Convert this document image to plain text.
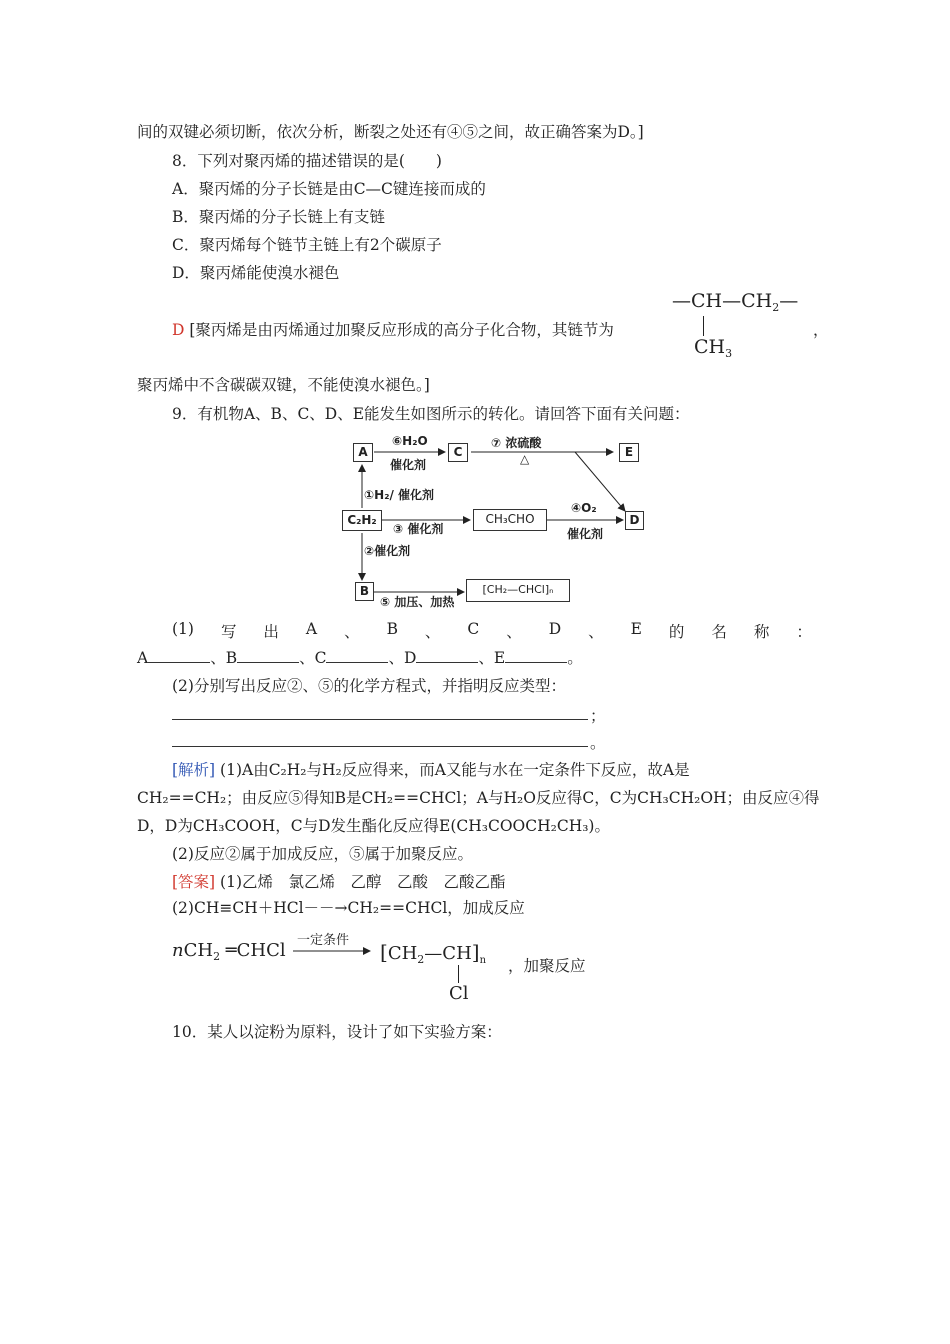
间的双键必须切断，依次分析，断裂之处还有④⑤之间，故正确答案为D。]
8．下列对聚丙烯的描述错误的是(　　)
A．聚丙烯的分子长链是由C—C键连接而成的
B．聚丙烯的分子长链上有支链
C．聚丙烯每个链节主链上有2个碳原子
D．聚丙烯能使溴水褪色
D [聚丙烯是由丙烯通过加聚反应形成的高分子化合物，其链节为
$—CH—CH_2—$
$CH_3$
，
聚丙烯中不含碳碳双键，不能使溴水褪色。]
9．有机物A、B、C、D、E能发生如图所示的转化。请回答下面有关问题：
A	C	E
C₂H₂	CH₃CHO	D
B	[CH₂—CHCl]ₙ
⑥H₂O
催化剂
⑦ 浓硫酸
△
①H₂/ 催化剂
③ 催化剂
④O₂
催化剂
②催化剂
⑤ 加压、加热
(1) 写 出 A 、 B 、 C 、 D 、 E 的 名 称 ：
A	、B	、C	、D	、E	。
(2)分别写出反应②、⑤的化学方程式，并指明反应类型：
；
。
[解析] (1)A由C₂H₂与H₂反应得来，而A又能与水在一定条件下反应，故A是
CH₂==CH₂；由反应⑤得知B是CH₂==CHCl；A与H₂O反应得C，C为CH₃CH₂OH；由反应④得
D，D为CH₃COOH，C与D发生酯化反应得E(CH₃COOCH₂CH₃)。
(2)反应②属于加成反应，⑤属于加聚反应。
[答案] (1)乙烯　氯乙烯　乙醇　乙酸　乙酸乙酯
(2)CH≡CH＋HCl－－→CH₂==CHCl，加成反应
nCH$_2$ ═CHCl 一定条件 $[CH_2—CH]_n$
Cl
，加聚反应
10．某人以淀粉为原料，设计了如下实验方案：
